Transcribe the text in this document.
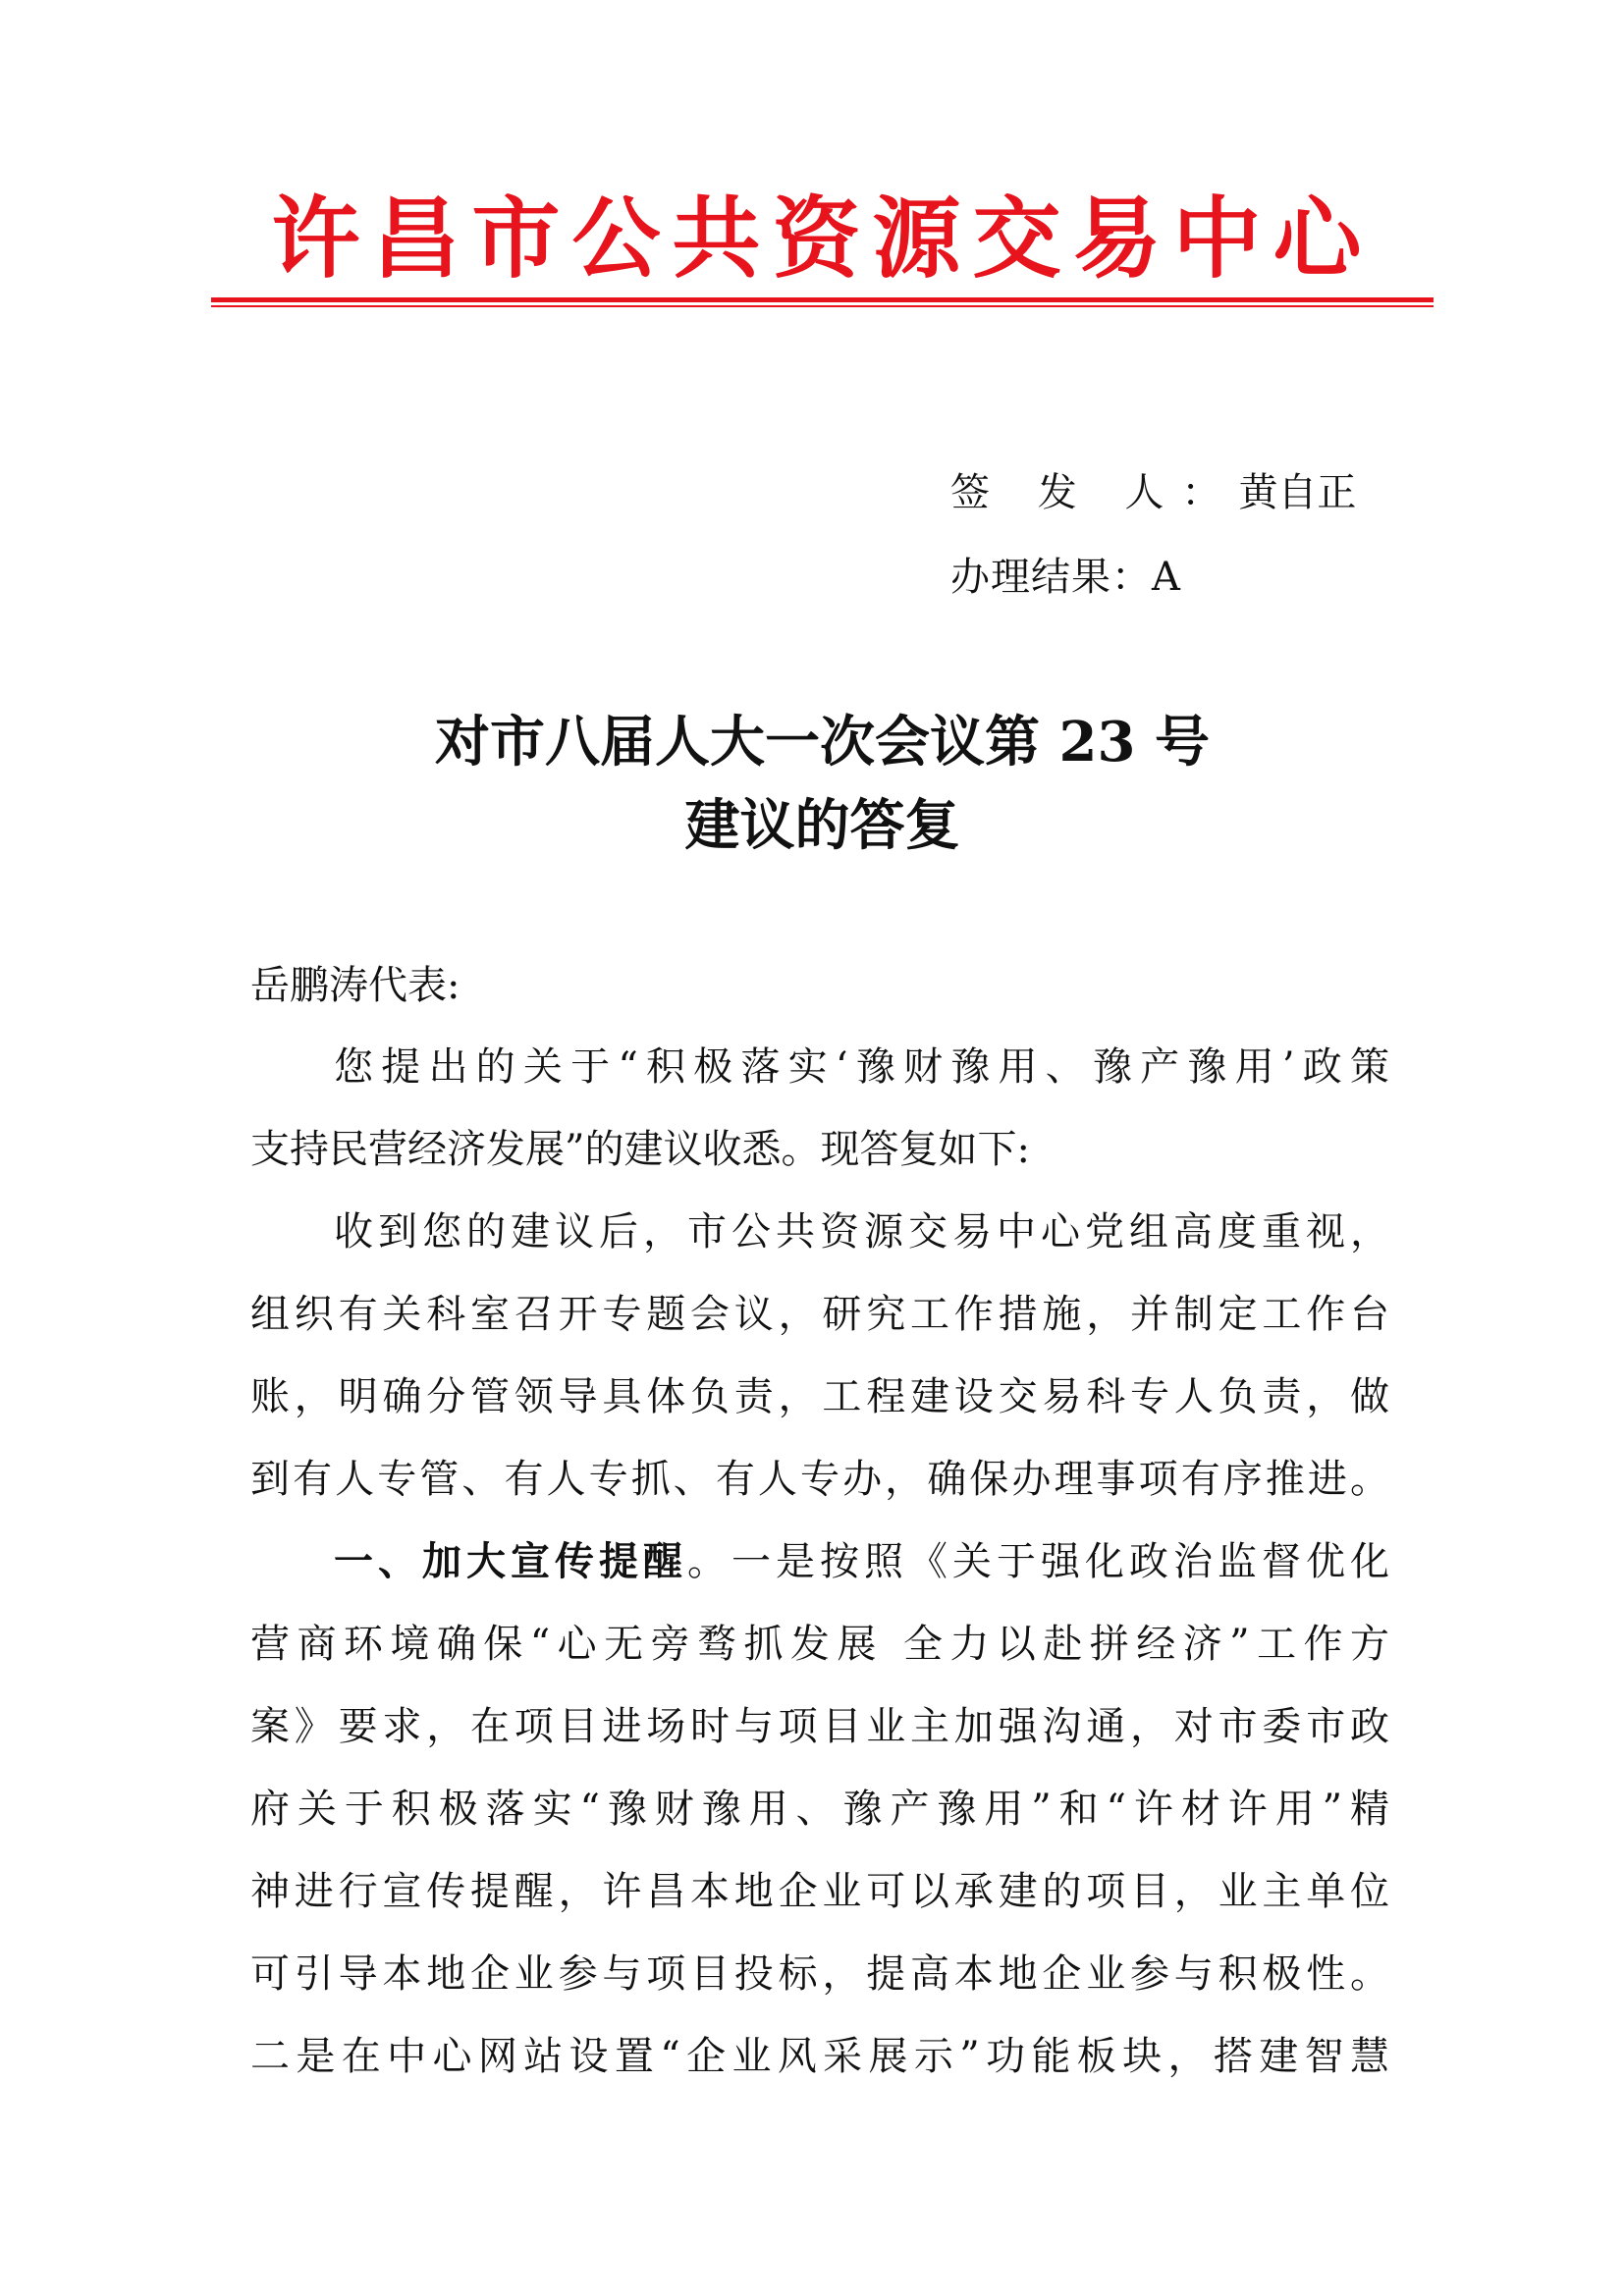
许昌市公共资源交易中心
签 发 人：黄自正
办理结果：A
对市八届人大一次会议第 23 号
建议的答复
岳鹏涛代表:
您提出的关于“积极落实‘豫财豫用、豫产豫用’政策
支持民营经济发展”的建议收悉。现答复如下:
收到您的建议后，市公共资源交易中心党组高度重视，
组织有关科室召开专题会议，研究工作措施，并制定工作台
账，明确分管领导具体负责，工程建设交易科专人负责，做
到有人专管、有人专抓、有人专办，确保办理事项有序推进。
一、加大宣传提醒。一是按照《关于强化政治监督优化
营商环境确保“心无旁骛抓发展 全力以赴拼经济”工作方
案》要求，在项目进场时与项目业主加强沟通，对市委市政
府关于积极落实“豫财豫用、豫产豫用”和“许材许用”精
神进行宣传提醒，许昌本地企业可以承建的项目，业主单位
可引导本地企业参与项目投标，提高本地企业参与积极性。
二是在中心网站设置“企业风采展示”功能板块，搭建智慧
